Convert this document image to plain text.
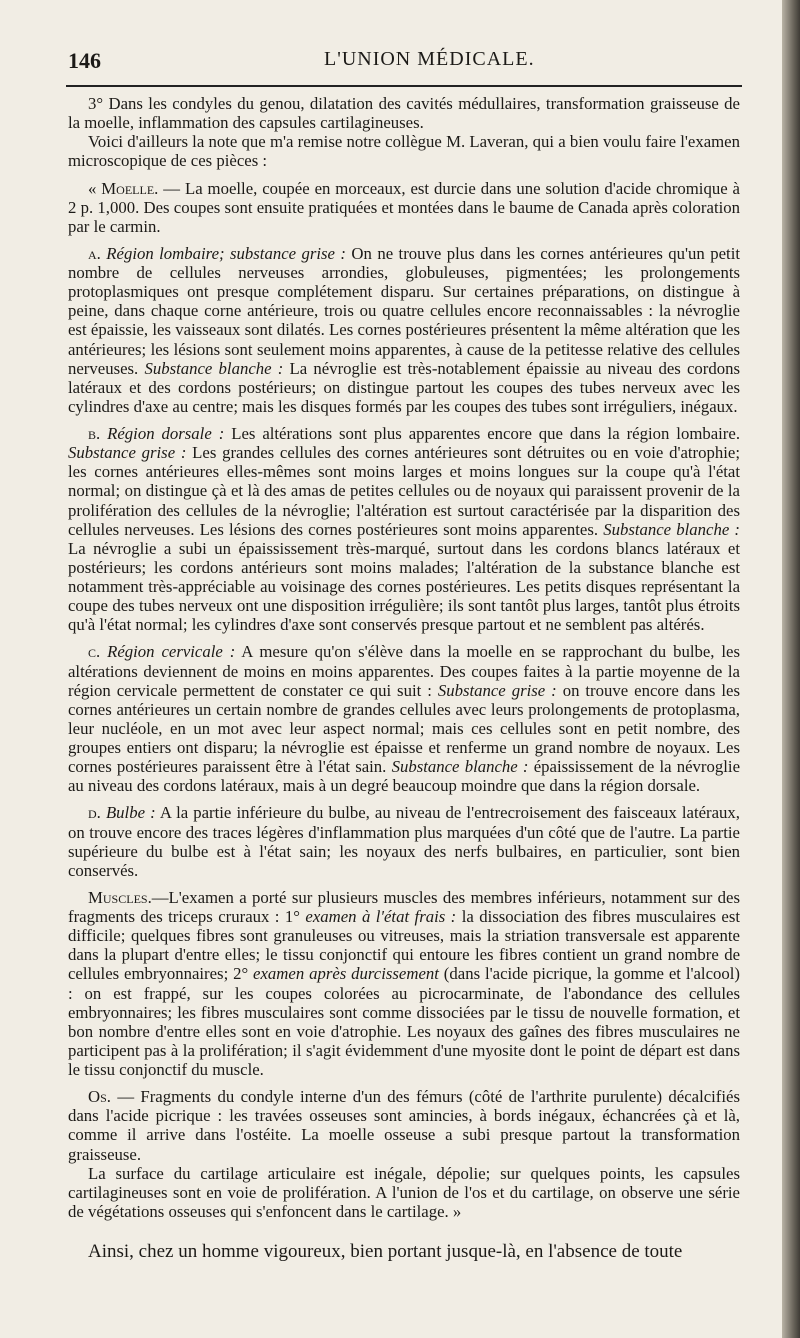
146	L'UNION MÉDICALE.

3° Dans les condyles du genou, dilatation des cavités médullaires, transformation graisseuse de la moelle, inflammation des capsules cartilagineuses.

Voici d'ailleurs la note que m'a remise notre collègue M. Laveran, qui a bien voulu faire l'examen microscopique de ces pièces :

« Moelle. — La moelle, coupée en morceaux, est durcie dans une solution d'acide chromique à 2 p. 1,000. Des coupes sont ensuite pratiquées et montées dans le baume de Canada après coloration par le carmin.

a. Région lombaire; substance grise : On ne trouve plus dans les cornes antérieures qu'un petit nombre de cellules nerveuses arrondies, globuleuses, pigmentées; les prolongements protoplasmiques ont presque complétement disparu. Sur certaines préparations, on distingue à peine, dans chaque corne antérieure, trois ou quatre cellules encore reconnaissables : la névroglie est épaissie, les vaisseaux sont dilatés. Les cornes postérieures présentent la même altération que les antérieures; les lésions sont seulement moins apparentes, à cause de la petitesse relative des cellules nerveuses. Substance blanche : La névroglie est très-notablement épaissie au niveau des cordons latéraux et des cordons postérieurs; on distingue partout les coupes des tubes nerveux avec les cylindres d'axe au centre; mais les disques formés par les coupes des tubes sont irréguliers, inégaux.

b. Région dorsale : Les altérations sont plus apparentes encore que dans la région lombaire. Substance grise : Les grandes cellules des cornes antérieures sont détruites ou en voie d'atrophie; les cornes antérieures elles-mêmes sont moins larges et moins longues sur la coupe qu'à l'état normal; on distingue çà et là des amas de petites cellules ou de noyaux qui paraissent provenir de la prolifération des cellules de la névroglie; l'altération est surtout caractérisée par la disparition des cellules nerveuses. Les lésions des cornes postérieures sont moins apparentes. Substance blanche : La névroglie a subi un épaississement très-marqué, surtout dans les cordons blancs latéraux et postérieurs; les cordons antérieurs sont moins malades; l'altération de la substance blanche est notamment très-appréciable au voisinage des cornes postérieures. Les petits disques représentant la coupe des tubes nerveux ont une disposition irrégulière; ils sont tantôt plus larges, tantôt plus étroits qu'à l'état normal; les cylindres d'axe sont conservés presque partout et ne semblent pas altérés.

c. Région cervicale : A mesure qu'on s'élève dans la moelle en se rapprochant du bulbe, les altérations deviennent de moins en moins apparentes. Des coupes faites à la partie moyenne de la région cervicale permettent de constater ce qui suit : Substance grise : on trouve encore dans les cornes antérieures un certain nombre de grandes cellules avec leurs prolongements de protoplasma, leur nucléole, en un mot avec leur aspect normal; mais ces cellules sont en petit nombre, des groupes entiers ont disparu; la névroglie est épaisse et renferme un grand nombre de noyaux. Les cornes postérieures paraissent être à l'état sain. Substance blanche : épaississement de la névroglie au niveau des cordons latéraux, mais à un degré beaucoup moindre que dans la région dorsale.

d. Bulbe : A la partie inférieure du bulbe, au niveau de l'entrecroisement des faisceaux latéraux, on trouve encore des traces légères d'inflammation plus marquées d'un côté que de l'autre. La partie supérieure du bulbe est à l'état sain; les noyaux des nerfs bulbaires, en particulier, sont bien conservés.

Muscles.—L'examen a porté sur plusieurs muscles des membres inférieurs, notamment sur des fragments des triceps cruraux : 1° examen à l'état frais : la dissociation des fibres musculaires est difficile; quelques fibres sont granuleuses ou vitreuses, mais la striation transversale est apparente dans la plupart d'entre elles; le tissu conjonctif qui entoure les fibres contient un grand nombre de cellules embryonnaires; 2° examen après durcissement (dans l'acide picrique, la gomme et l'alcool) : on est frappé, sur les coupes colorées au picrocarminate, de l'abondance des cellules embryonnaires; les fibres musculaires sont comme dissociées par le tissu de nouvelle formation, et bon nombre d'entre elles sont en voie d'atrophie. Les noyaux des gaînes des fibres musculaires ne participent pas à la prolifération; il s'agit évidemment d'une myosite dont le point de départ est dans le tissu conjonctif du muscle.

Os. — Fragments du condyle interne d'un des fémurs (côté de l'arthrite purulente) décalcifiés dans l'acide picrique : les travées osseuses sont amincies, à bords inégaux, échancrées çà et là, comme il arrive dans l'ostéite. La moelle osseuse a subi presque partout la transformation graisseuse.

La surface du cartilage articulaire est inégale, dépolie; sur quelques points, les capsules cartilagineuses sont en voie de prolifération. A l'union de l'os et du cartilage, on observe une série de végétations osseuses qui s'enfoncent dans le cartilage. »

Ainsi, chez un homme vigoureux, bien portant jusque-là, en l'absence de toute
